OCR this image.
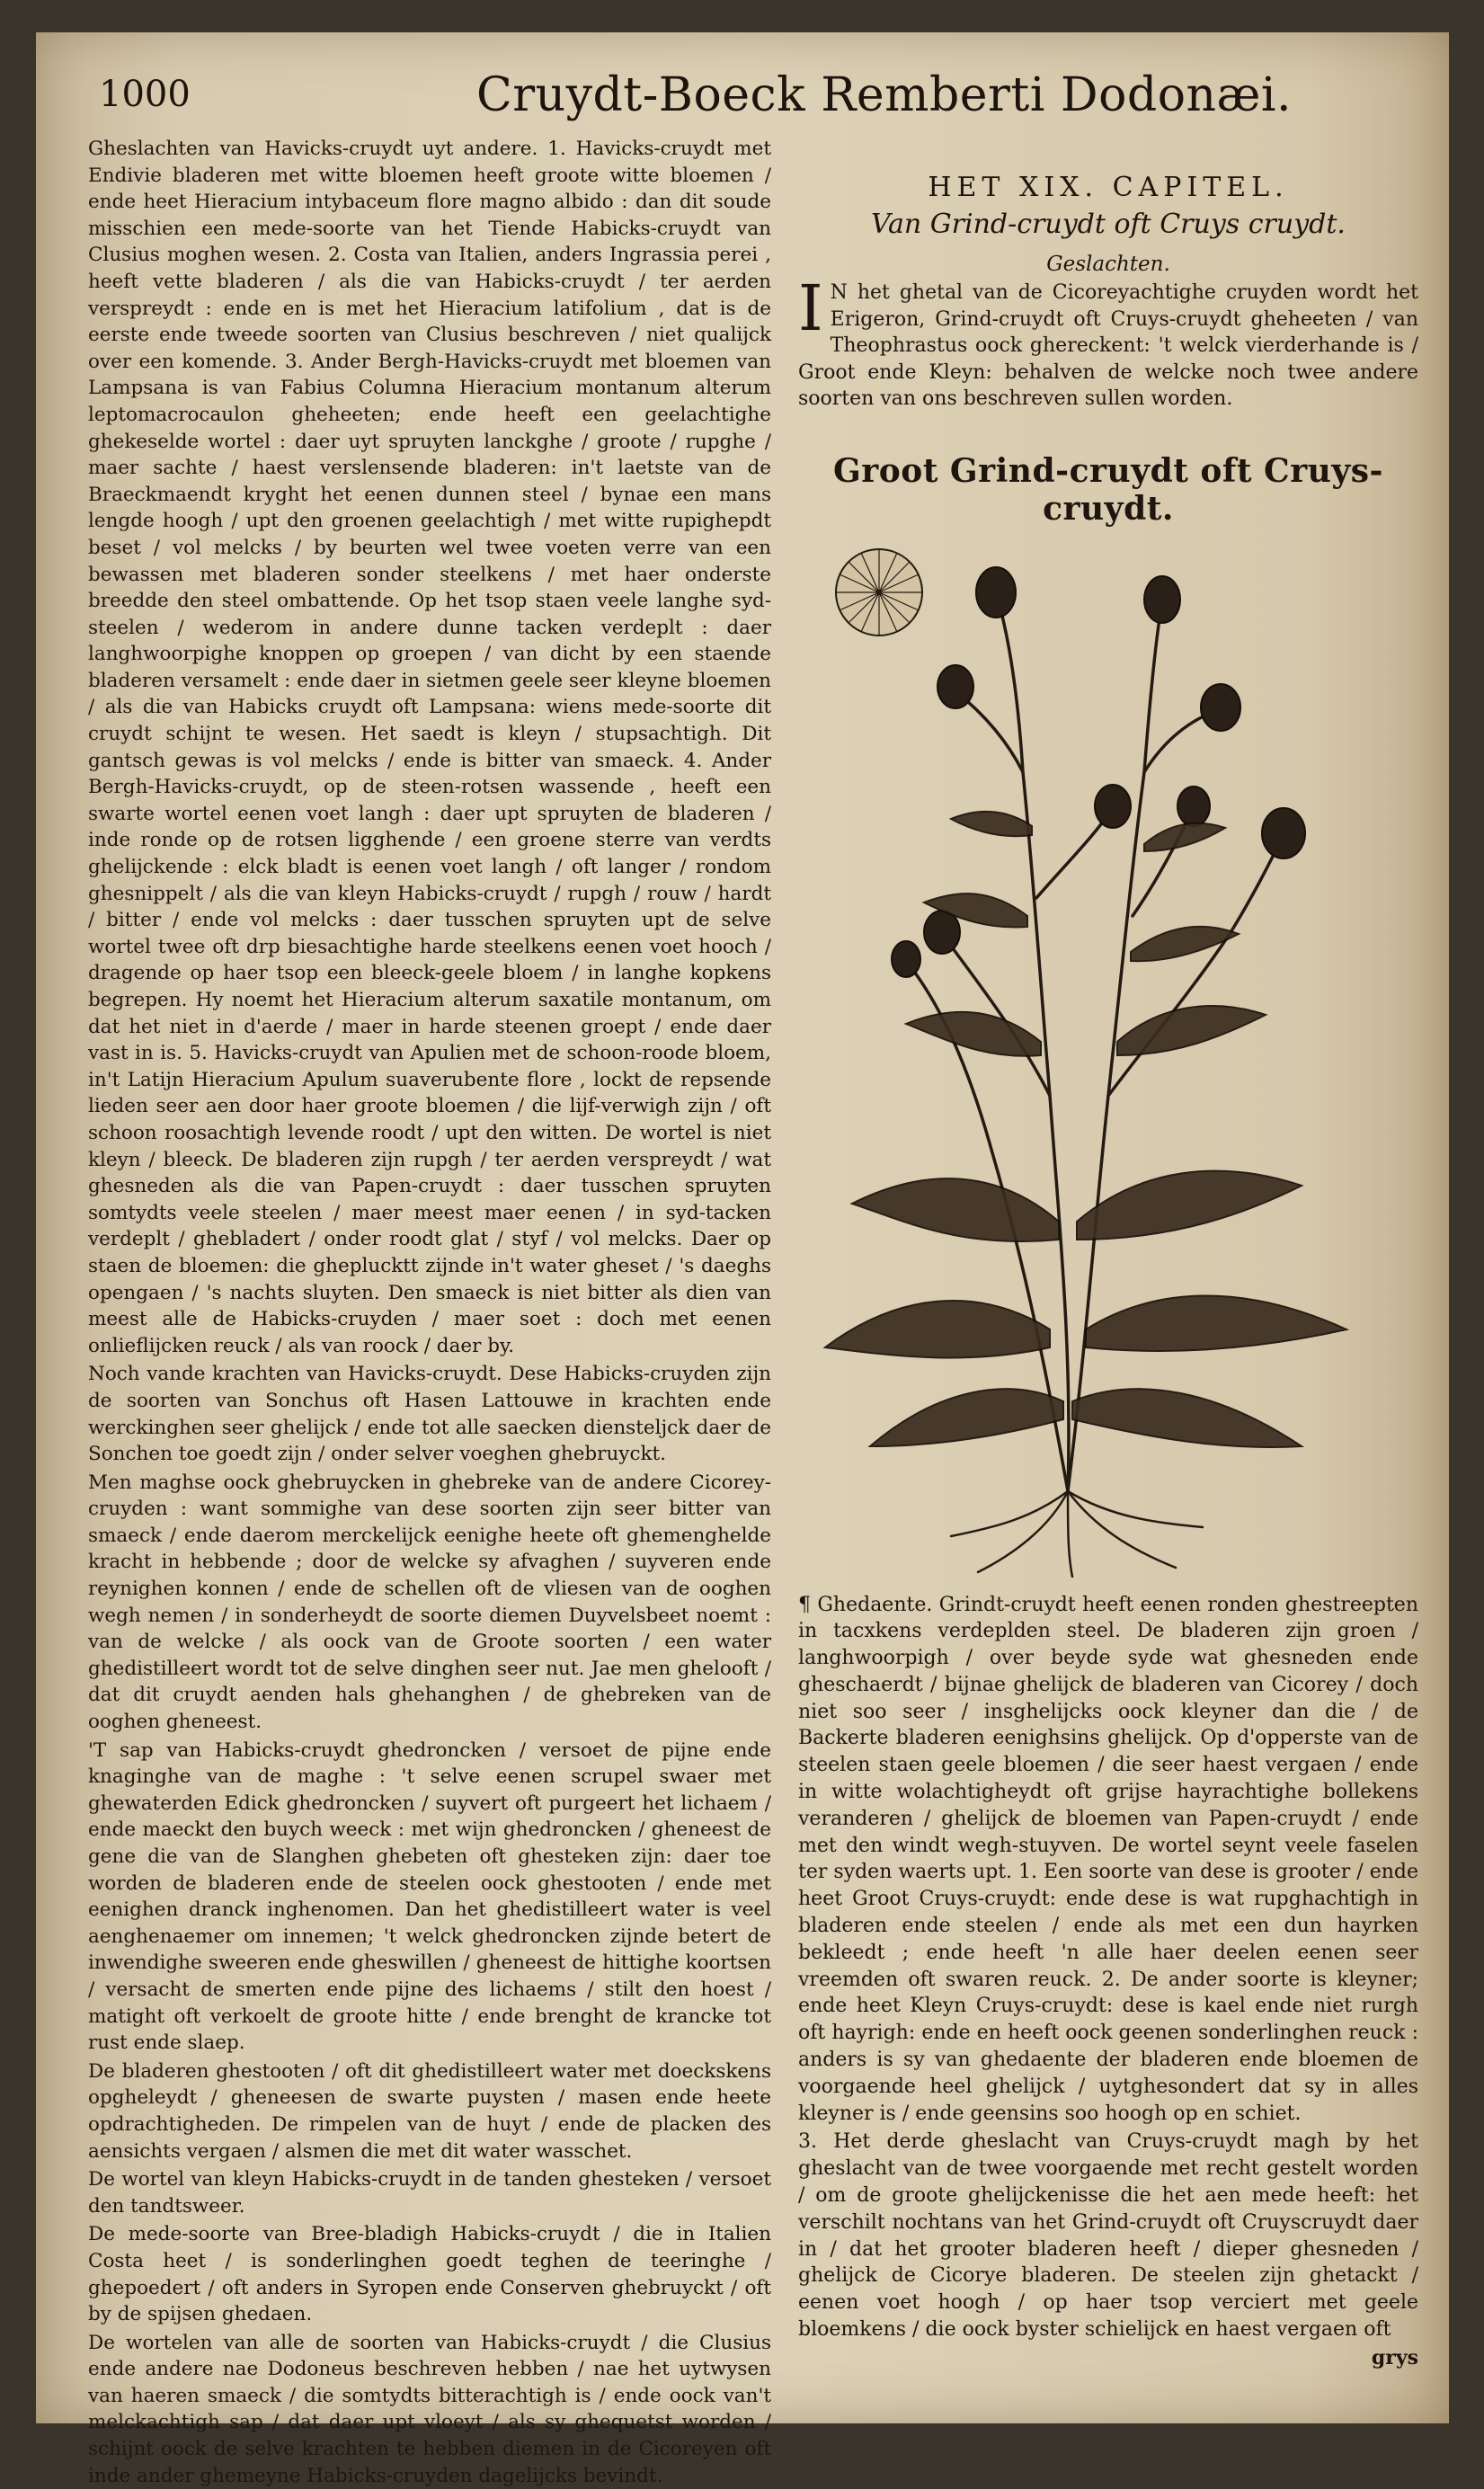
1000	Cruydt-Boeck Remberti Dodonæi.

Gheslachten van Havicks-cruydt uyt andere. 1. Havicks-cruydt met Endivie bladeren met witte bloemen heeft groote witte bloemen / ende heet Hieracium intybaceum flore magno albido : dan dit soude misschien een mede-soorte van het Tiende Habicks-cruydt van Clusius moghen wesen. 2. Costa van Italien, anders Ingrassia perei , heeft vette bladeren / als die van Habicks-cruydt / ter aerden verspreydt : ende en is met het Hieracium latifolium , dat is de eerste ende tweede soorten van Clusius beschreven / niet qualijck over een komende. 3. Ander Bergh-Havicks-cruydt met bloemen van Lampsana is van Fabius Columna Hieracium montanum alterum leptomacrocaulon gheheeten; ende heeft een geelachtighe ghekeselde wortel : daer uyt spruyten lanckghe / groote / rupghe / maer sachte / haest verslensende bladeren: in't laetste van de Braeckmaendt kryght het eenen dunnen steel / bynae een mans lengde hoogh / upt den groenen geelachtigh / met witte rupighepdt beset / vol melcks / by beurten wel twee voeten verre van een bewassen met bladeren sonder steelkens / met haer onderste breedde den steel ombattende. Op het tsop staen veele langhe syd-steelen / wederom in andere dunne tacken verdeplt : daer langhwoorpighe knoppen op groepen / van dicht by een staende bladeren versamelt : ende daer in sietmen geele seer kleyne bloemen / als die van Habicks cruydt oft Lampsana: wiens mede-soorte dit cruydt schijnt te wesen. Het saedt is kleyn / stupsachtigh. Dit gantsch gewas is vol melcks / ende is bitter van smaeck. 4. Ander Bergh-Havicks-cruydt, op de steen-rotsen wassende , heeft een swarte wortel eenen voet langh : daer upt spruyten de bladeren / inde ronde op de rotsen ligghende / een groene sterre van verdts ghelijckende : elck bladt is eenen voet langh / oft langer / rondom ghesnippelt / als die van kleyn Habicks-cruydt / rupgh / rouw / hardt / bitter / ende vol melcks : daer tusschen spruyten upt de selve wortel twee oft drp biesachtighe harde steelkens eenen voet hooch / dragende op haer tsop een bleeck-geele bloem / in langhe kopkens begrepen. Hy noemt het Hieracium alterum saxatile montanum, om dat het niet in d'aerde / maer in harde steenen groept / ende daer vast in is. 5. Havicks-cruydt van Apulien met de schoon-roode bloem, in't Latijn Hieracium Apulum suaverubente flore , lockt de repsende lieden seer aen door haer groote bloemen / die lijf-verwigh zijn / oft schoon roosachtigh levende roodt / upt den witten. De wortel is niet kleyn / bleeck. De bladeren zijn rupgh / ter aerden verspreydt / wat ghesneden als die van Papen-cruydt : daer tusschen spruyten somtydts veele steelen / maer meest maer eenen / in syd-tacken verdeplt / ghebladert / onder roodt glat / styf / vol melcks. Daer op staen de bloemen: die gheplucktt zijnde in't water gheset / 's daeghs opengaen / 's nachts sluyten. Den smaeck is niet bitter als dien van meest alle de Habicks-cruyden / maer soet : doch met eenen onlieflijcken reuck / als van roock / daer by.

Noch vande krachten van Havicks-cruydt. Dese Habicks-cruyden zijn de soorten van Sonchus oft Hasen Lattouwe in krachten ende werckinghen seer ghelijck / ende tot alle saecken diensteljck daer de Sonchen toe goedt zijn / onder selver voeghen ghebruyckt.

Men maghse oock ghebruycken in ghebreke van de andere Cicorey-cruyden : want sommighe van dese soorten zijn seer bitter van smaeck / ende daerom merckelijck eenighe heete oft ghemenghelde kracht in hebbende ; door de welcke sy afvaghen / suyveren ende reynighen konnen / ende de schellen oft de vliesen van de ooghen wegh nemen / in sonderheydt de soorte diemen Duyvelsbeet noemt : van de welcke / als oock van de Groote soorten / een water ghedistilleert wordt tot de selve dinghen seer nut. Jae men ghelooft / dat dit cruydt aenden hals ghehanghen / de ghebreken van de ooghen gheneest.

'T sap van Habicks-cruydt ghedroncken / versoet de pijne ende knaginghe van de maghe : 't selve eenen scrupel swaer met ghewaterden Edick ghedroncken / suyvert oft purgeert het lichaem / ende maeckt den buych weeck : met wijn ghedroncken / gheneest de gene die van de Slanghen ghebeten oft ghesteken zijn: daer toe worden de bladeren ende de steelen oock ghestooten / ende met eenighen dranck inghenomen. Dan het ghedistilleert water is veel aenghenaemer om innemen; 't welck ghedroncken zijnde betert de inwendighe sweeren ende gheswillen / gheneest de hittighe koortsen / versacht de smerten ende pijne des lichaems / stilt den hoest / matight oft verkoelt de groote hitte / ende brenght de krancke tot rust ende slaep.

De bladeren ghestooten / oft dit ghedistilleert water met doeckskens opgheleydt / gheneesen de swarte puysten / masen ende heete opdrachtigheden. De rimpelen van de huyt / ende de placken des aensichts vergaen / alsmen die met dit water wasschet.

De wortel van kleyn Habicks-cruydt in de tanden ghesteken / versoet den tandtsweer.

De mede-soorte van Bree-bladigh Habicks-cruydt / die in Italien Costa heet / is sonderlinghen goedt teghen de teeringhe / ghepoedert / oft anders in Syropen ende Conserven ghebruyckt / oft by de spijsen ghedaen.

De wortelen van alle de soorten van Habicks-cruydt / die Clusius ende andere nae Dodoneus beschreven hebben / nae het uytwysen van haeren smaeck / die somtydts bitterachtigh is / ende oock van't melckachtigh sap / dat daer upt vloeyt / als sy ghequetst worden / schijnt oock de selve krachten te hebben diemen in de Cicoreyen oft inde ander ghemeyne Habicks-cruyden dagelijcks bevindt.

HET XIX. CAPITEL.
Van Grind-cruydt oft Cruys cruydt.
Geslachten.

I N het ghetal van de Cicoreyachtighe cruyden wordt het Erigeron, Grind-cruydt oft Cruys-cruydt gheheeten / van Theophrastus oock ghereckent: 't welck vierderhande is / Groot ende Kleyn: behalven de welcke noch twee andere soorten van ons beschreven sullen worden.

Groot Grind-cruydt oft Cruys-cruydt.

¶ Ghedaente. Grindt-cruydt heeft eenen ronden ghestreepten in tacxkens verdeplden steel. De bladeren zijn groen / langhwoorpigh / over beyde syde wat ghesneden ende gheschaerdt / bijnae ghelijck de bladeren van Cicorey / doch niet soo seer / insghelijcks oock kleyner dan die / de Backerte bladeren eenighsins ghelijck. Op d'opperste van de steelen staen geele bloemen / die seer haest vergaen / ende in witte wolachtigheydt oft grijse hayrachtighe bollekens veranderen / ghelijck de bloemen van Papen-cruydt / ende met den windt wegh-stuyven. De wortel seynt veele faselen ter syden waerts upt. 1. Een soorte van dese is grooter / ende heet Groot Cruys-cruydt: ende dese is wat rupghachtigh in bladeren ende steelen / ende als met een dun hayrken bekleedt ; ende heeft 'n alle haer deelen eenen seer vreemden oft swaren reuck. 2. De ander soorte is kleyner; ende heet Kleyn Cruys-cruydt: dese is kael ende niet rurgh oft hayrigh: ende en heeft oock geenen sonderlinghen reuck : anders is sy van ghedaente der bladeren ende bloemen de voorgaende heel ghelijck / uytghesondert dat sy in alles kleyner is / ende geensins soo hoogh op en schiet.

3. Het derde gheslacht van Cruys-cruydt magh by het gheslacht van de twee voorgaende met recht gestelt worden / om de groote ghelijckenisse die het aen mede heeft: het verschilt nochtans van het Grind-cruydt oft Cruyscruydt daer in / dat het grooter bladeren heeft / dieper ghesneden / ghelijck de Cicorye bladeren. De steelen zijn ghetackt / eenen voet hoogh / op haer tsop verciert met geele bloemkens / die oock byster schielijck en haest vergaen oft

grys
